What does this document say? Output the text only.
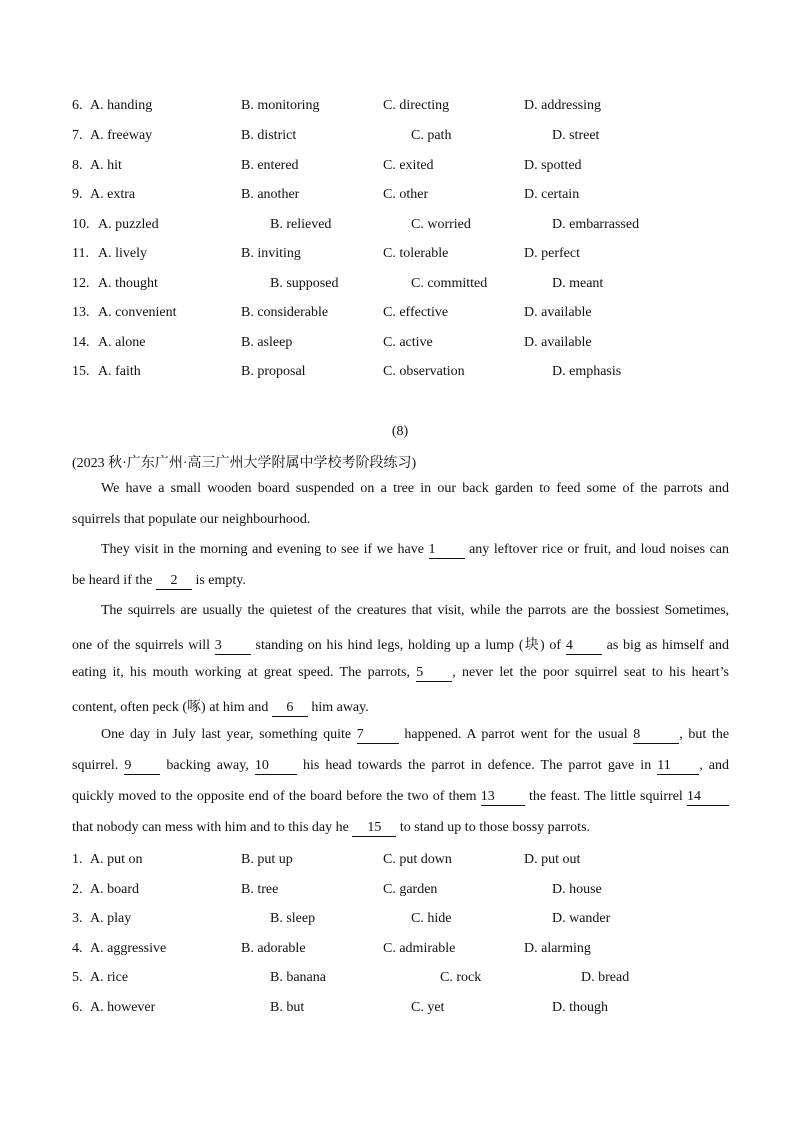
6. A. handing	B. monitoring	C. directing	D. addressing
7. A. freeway	B. district	C. path	D. street
8. A. hit	B. entered	C. exited	D. spotted
9. A. extra	B. another	C. other	D. certain
10. A. puzzled	B. relieved	C. worried	D. embarrassed
11. A. lively	B. inviting	C. tolerable	D. perfect
12. A. thought	B. supposed	C. committed	D. meant
13. A. convenient	B. considerable	C. effective	D. available
14. A. alone	B. asleep	C. active	D. available
15. A. faith	B. proposal	C. observation	D. emphasis
(8)
(2023 秋·广东广州·高三广州大学附属中学校考阶段练习)
We have a small wooden board suspended on a tree in our back garden to feed some of the parrots and
squirrels that populate our neighbourhood.
They visit in the morning and evening to see if we have 1 any leftover rice or fruit, and loud noises can
be heard if the 2 is empty.
The squirrels are usually the quietest of the creatures that visit, while the parrots are the bossiest Sometimes,
one of the squirrels will 3 standing on his hind legs, holding up a lump (块) of 4 as big as himself and
eating it, his mouth working at great speed. The parrots, 5 , never let the poor squirrel seat to his heart’s
content, often peck (啄) at him and 6 him away.
One day in July last year, something quite 7	happened. A parrot went for the usual 8	, but the
squirrel. 9	backing away, 10 his head towards the parrot in defence. The parrot gave in 11 , and
quickly moved to the opposite end of the board before the two of them 13 the feast. The little squirrel 14
that nobody can mess with him and to this day he 15 to stand up to those bossy parrots.
1. A. put on	B. put up	C. put down	D. put out
2. A. board	B. tree	C. garden	D. house
3. A. play	B. sleep	C. hide	D. wander
4. A. aggressive	B. adorable	C. admirable	D. alarming
5. A. rice	B. banana	C. rock	D. bread
6. A. however	B. but	C. yet	D. though
